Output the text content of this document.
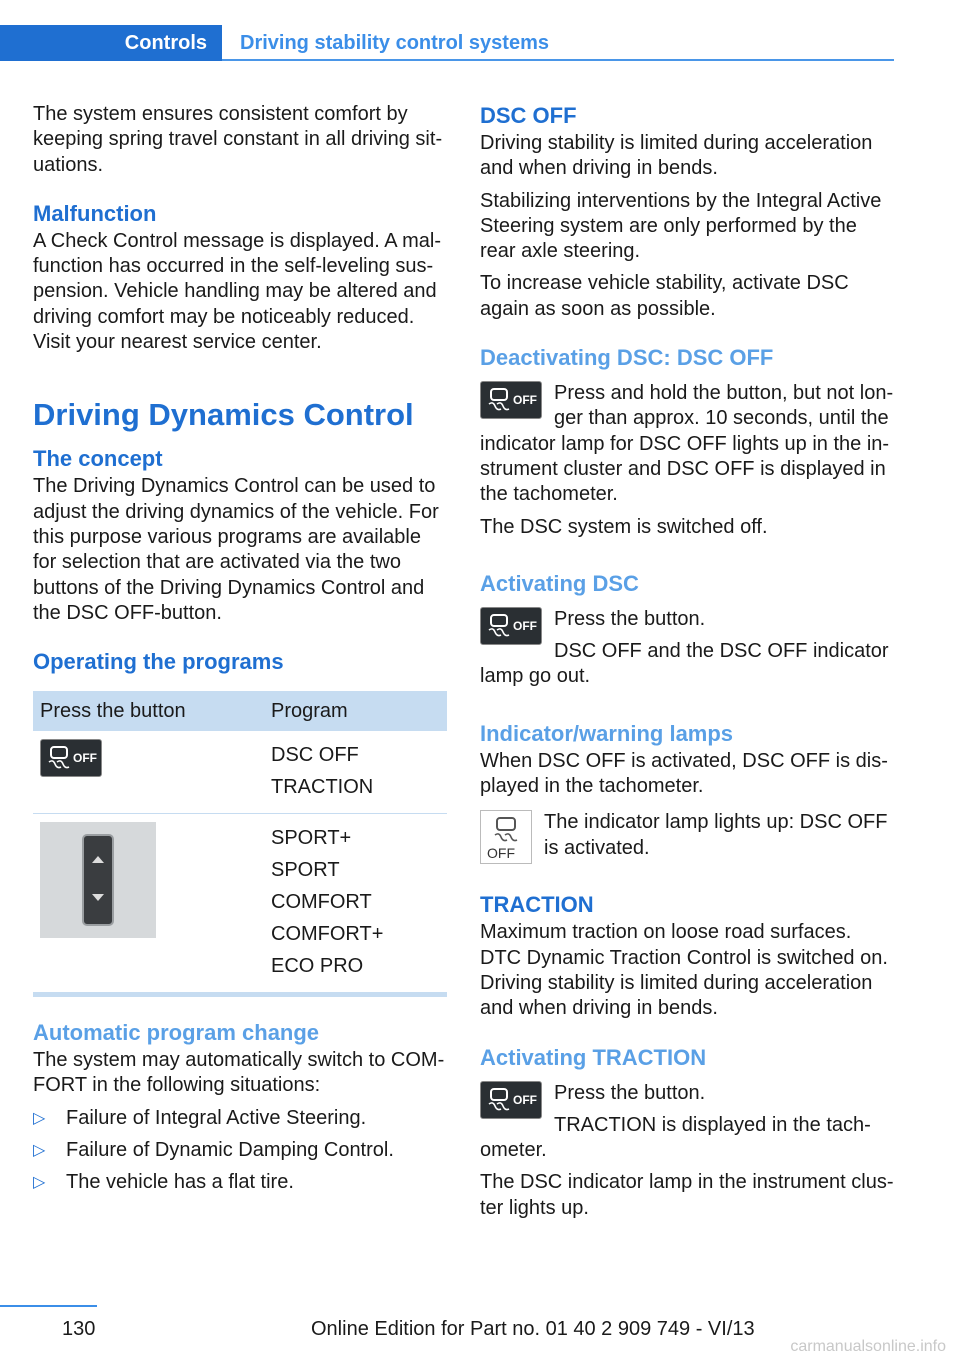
Controls	Driving stability control systems

The system ensures consistent comfort by keeping spring travel constant in all driving situations.

Malfunction

A Check Control message is displayed. A malfunction has occurred in the self-leveling suspension. Vehicle handling may be altered and driving comfort may be noticeably reduced. Visit your nearest service center.

Driving Dynamics Control
The concept

The Driving Dynamics Control can be used to adjust the driving dynamics of the vehicle. For this purpose various programs are available for selection that are activated via the two buttons of the Driving Dynamics Control and the DSC OFF-button.

Operating the programs
Press the button	Program

OFF	DSC OFF
TRACTION

	SPORT+
SPORT
COMFORT
COMFORT+
ECO PRO
Automatic program change

The system may automatically switch to COMFORT in the following situations:

▷ Failure of Integral Active Steering.
▷ Failure of Dynamic Damping Control.
▷ The vehicle has a flat tire.
DSC OFF

Driving stability is limited during acceleration and when driving in bends.

Stabilizing interventions by the Integral Active Steering system are only performed by the rear axle steering.

To increase vehicle stability, activate DSC again as soon as possible.

Deactivating DSC: DSC OFF
OFF Press and hold the button, but not longer than approx. 10 seconds, until the indicator lamp for DSC OFF lights up in the instrument cluster and DSC OFF is displayed in the tachometer.

The DSC system is switched off.

Activating DSC
OFF Press the button.

DSC OFF and the DSC OFF indicator lamp go out.

Indicator/warning lamps

When DSC OFF is activated, DSC OFF is displayed in the tachometer.

OFF

The indicator lamp lights up: DSC OFF is activated.

TRACTION

Maximum traction on loose road surfaces. DTC Dynamic Traction Control is switched on. Driving stability is limited during acceleration and when driving in bends.

Activating TRACTION
OFF Press the button.

TRACTION is displayed in the tachometer.

The DSC indicator lamp in the instrument cluster lights up.

130	Online Edition for Part no. 01 40 2 909 749 - VI/13
carmanualsonline.info
